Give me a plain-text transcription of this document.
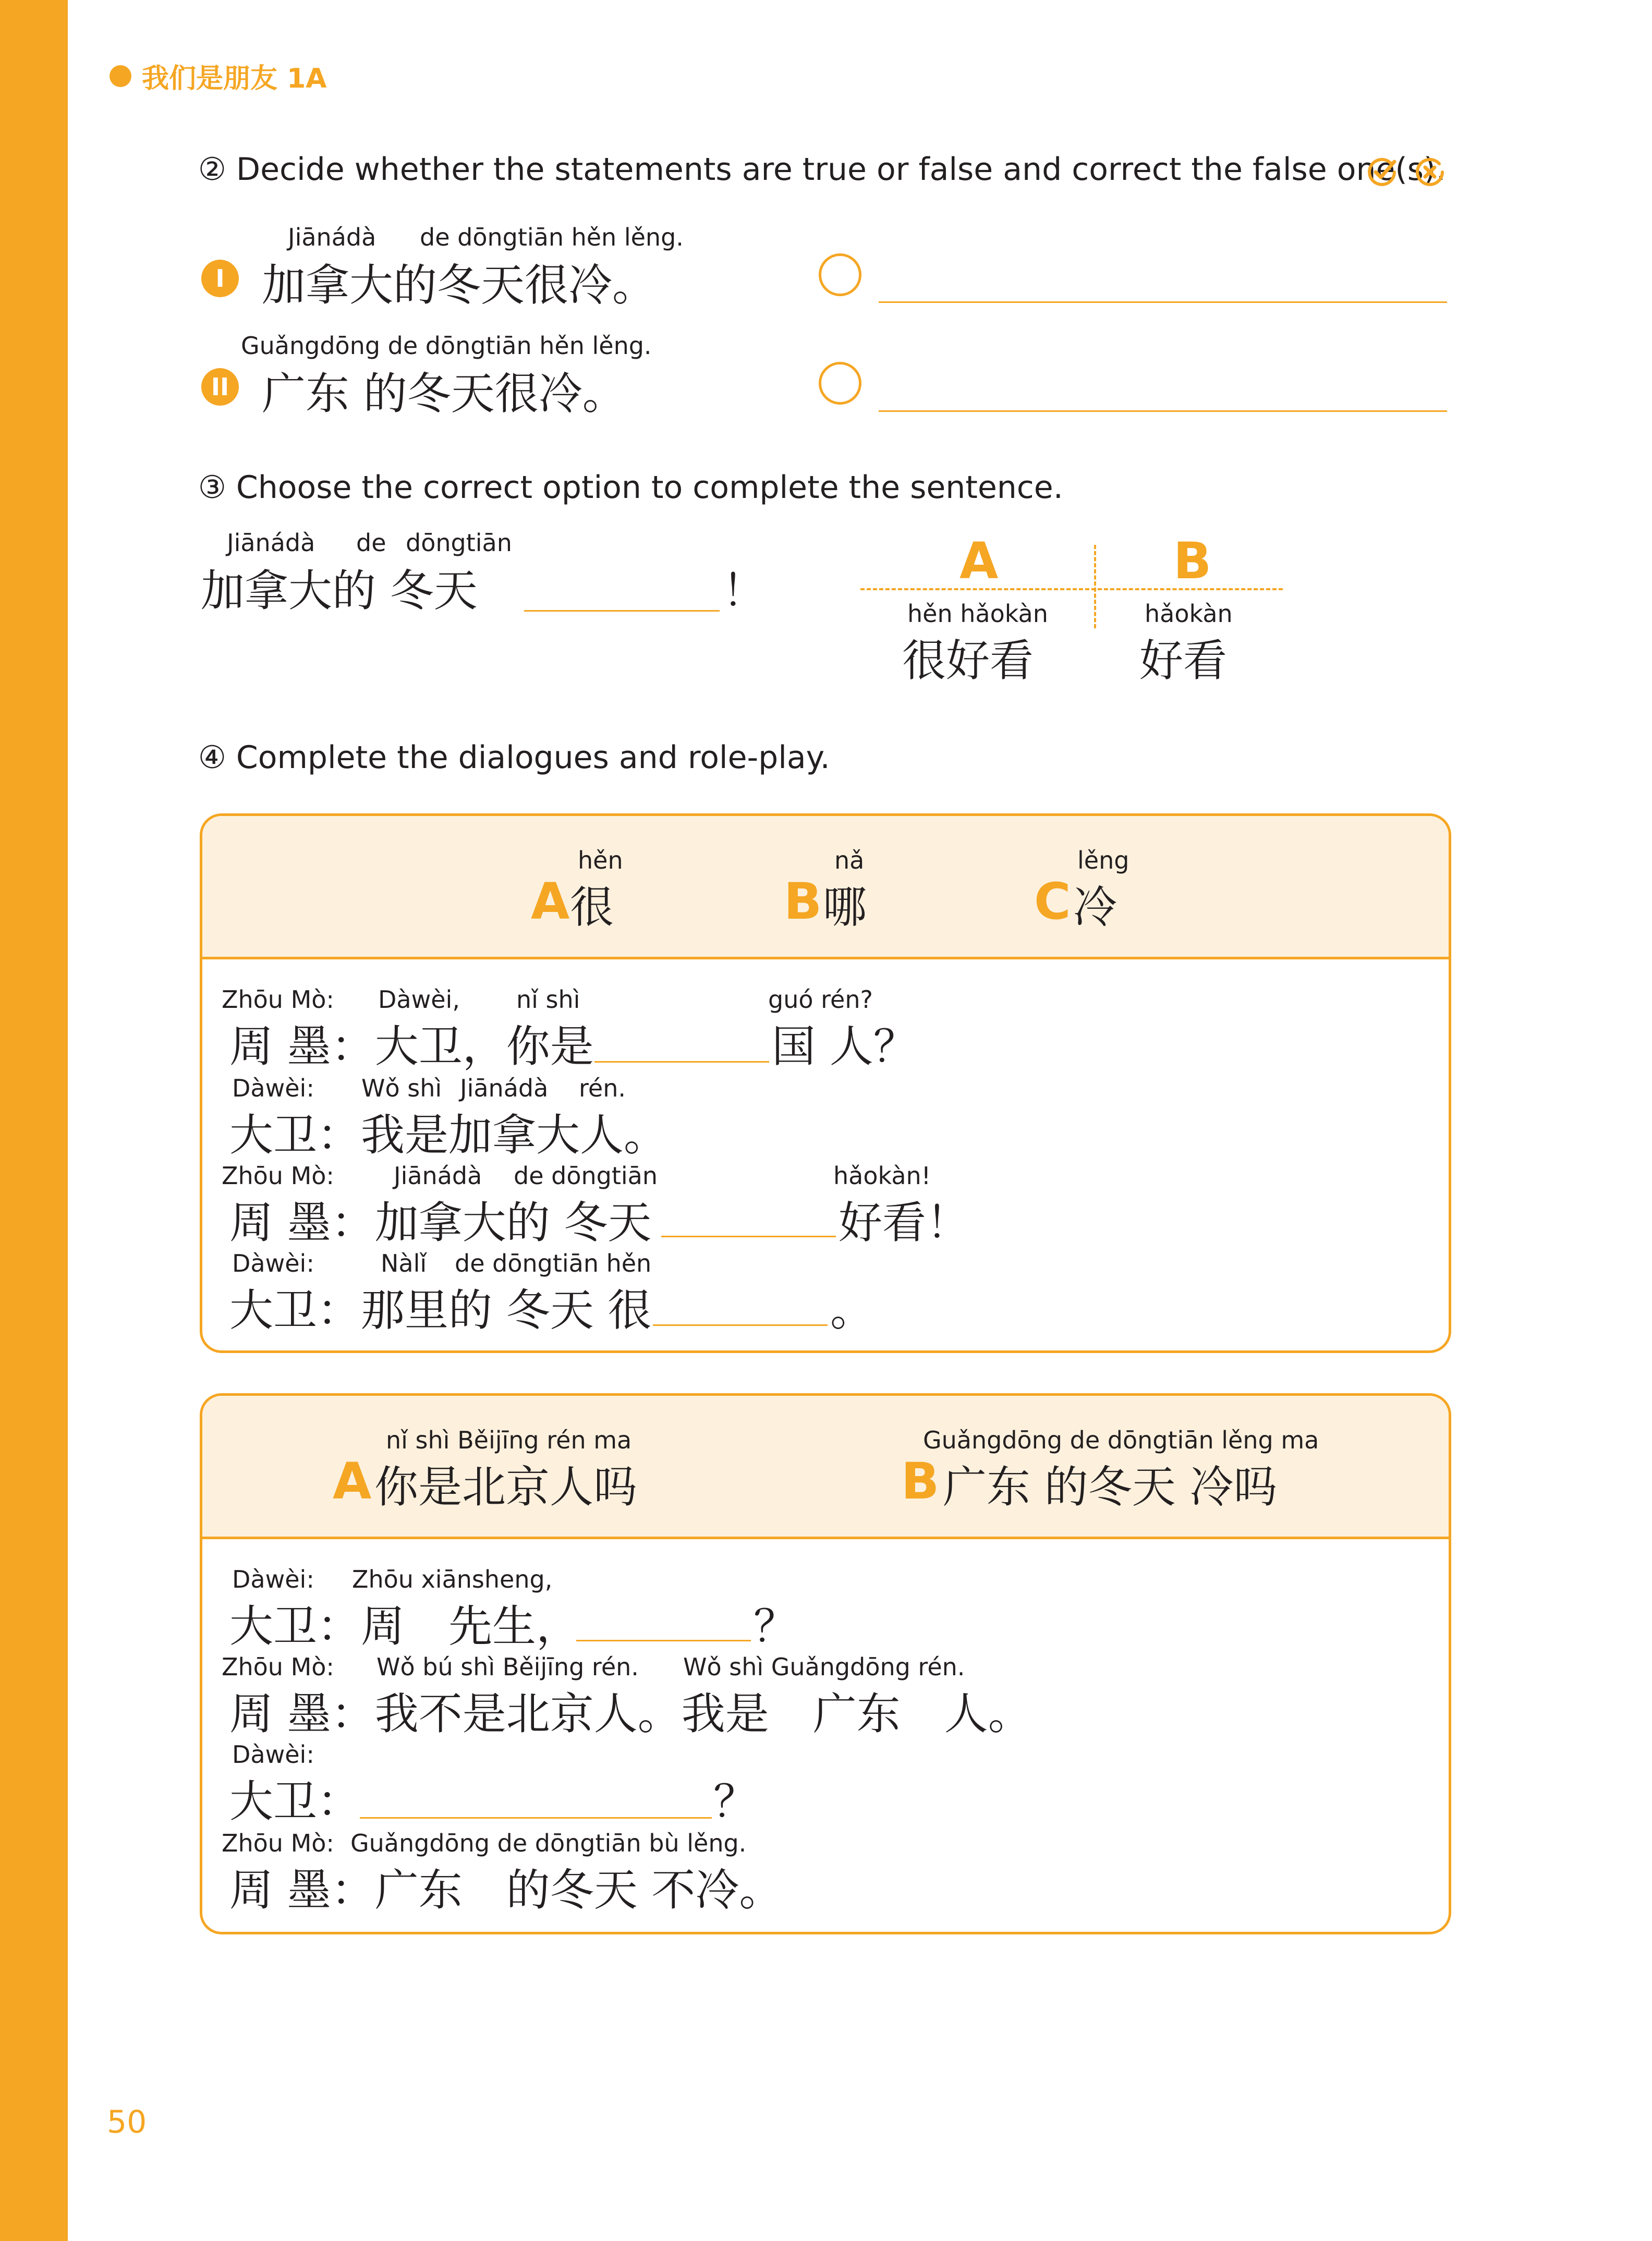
我们是朋友 1A
② Decide whether the statements are true or false and correct the false one(s).
Jiānádà de dōngtiān hěn lěng.
I 加拿大的冬天很冷。
Guǎngdōng de dōngtiān hěn lěng.
II 广东 的冬天很冷。
③ Choose the correct option to complete the sentence.
Jiānádà de dōngtiān
加拿大的 冬天	！
A	B
hěn hǎokàn
很好看
hǎokàn
好看
④ Complete the dialogues and role-play.
hěn
A 很
nǎ
B 哪
lěng
C 冷
Zhōu Mò: Dàwèi, nǐ shì	guó rén?
周 墨：大卫，你是	国 人？
Dàwèi: Wǒ shì Jiānádà rén.
大卫：我是加拿大人。
Zhōu Mò: Jiānádà de dōngtiān	hǎokàn!
周 墨：加拿大的 冬天	好看！
Dàwèi:	Nàlǐ de dōngtiān hěn
大卫：那里的 冬天 很	。
nǐ shì Běijīng rén ma
A 你是北京人吗
Guǎngdōng de dōngtiān lěng ma
B 广东 的冬天 冷吗
Dàwèi: Zhōu xiānsheng,
大卫：周　先生，	？
Zhōu Mò: Wǒ bú shì Běijīng rén. Wǒ shì Guǎngdōng rén.
周 墨：我不是北京人。我是　广东　人。
Dàwèi:
大卫：	？
Zhōu Mò: Guǎngdōng de dōngtiān bù lěng.
周 墨：广东　的冬天 不冷。
50
